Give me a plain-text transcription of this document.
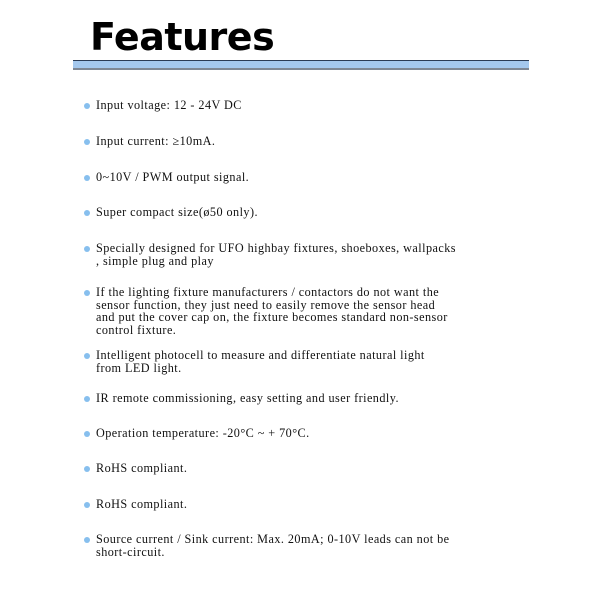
Features
Input voltage: 12 - 24V DC
Input current: ≥10mA.
0~10V / PWM output signal.
Super compact size(ø50 only).
Specially designed for UFO highbay fixtures, shoeboxes, wallpacks
, simple plug and play
If the lighting fixture manufacturers / contactors do not want the
sensor function, they just need to easily remove the sensor head
and put the cover cap on, the fixture becomes standard non-sensor
control fixture.
Intelligent photocell to measure and differentiate natural light
from LED light.
IR remote commissioning, easy setting and user friendly.
Operation temperature: -20°C ~ + 70°C.
RoHS compliant.
RoHS compliant.
Source current / Sink current: Max. 20mA; 0-10V leads can not be
short-circuit.
